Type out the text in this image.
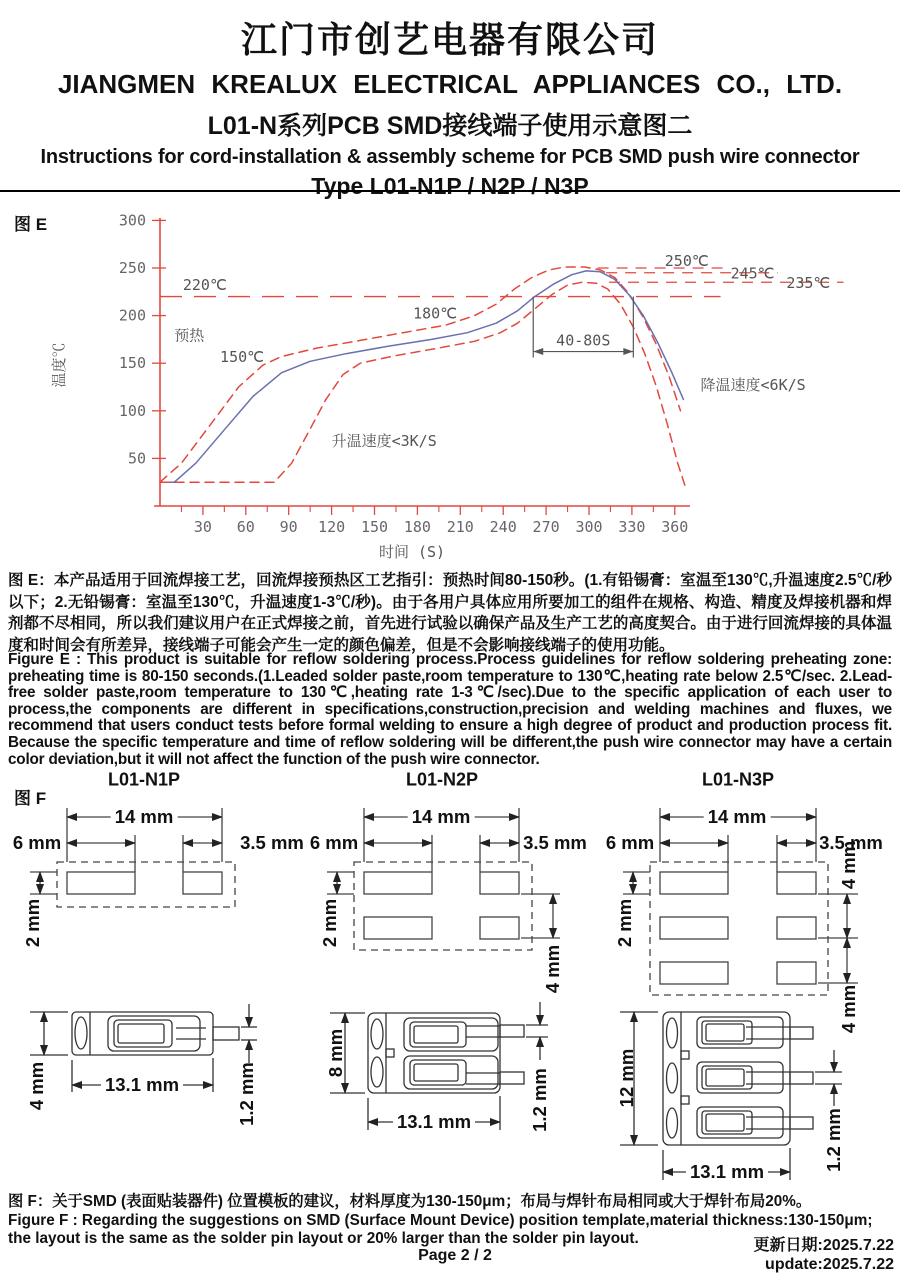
江门市创艺电器有限公司
JIANGMEN KREALUX ELECTRICAL APPLIANCES CO., LTD.
L01-N系列PCB SMD接线端子使用示意图二
Instructions for cord-installation & assembly scheme for PCB SMD push wire connector
Type L01-N1P / N2P / N3P
图 E
30 60 90 120 150 180 210 240 270 300 330 360
50
100
150
200
250
300
40-80S
220℃
预热
150℃
180℃
250℃
245℃
235℃
降温速度<6K/S
升温速度<3K/S
温度℃
时间 (S)
图 E：本产品适用于回流焊接工艺，回流焊接预热区工艺指引：预热时间80-150秒。(1.有铅锡膏：室温至130℃,升温速度2.5℃/秒以下；2.无铅锡膏：室温至130℃，升温速度1-3℃/秒)。由于各用户具体应用所要加工的组件在规格、构造、精度及焊接机器和焊剂都不尽相同，所以我们建议用户在正式焊接之前，首先进行试验以确保产品及生产工艺的高度契合。由于进行回流焊接的具体温度和时间会有所差异，接线端子可能会产生一定的颜色偏差，但是不会影响接线端子的使用功能。
Figure E : This product is suitable for reflow soldering process.Process guidelines for reflow soldering preheating zone: preheating time is 80-150 seconds.(1.Leaded solder paste,room temperature to 130℃,heating rate below 2.5℃/sec. 2.Lead-free solder paste,room temperature to 130℃,heating rate 1-3℃/sec).Due to the specific application of each user to process,the components are different in specifications,construction,precision and welding machines and fluxes, we recommend that users conduct tests before formal welding to ensure a high degree of product and production process fit. Because the specific temperature and time of reflow soldering will be different,the push wire connector may have a certain color deviation,but it will not affect the function of the push wire connector.
图 F
L01-N1P	L01-N2P	L01-N3P
14 mm
6 mm	3.5 mm
2 mm
4 mm	13.1 mm	1.2 mm
14 mm
6 mm	3.5 mm
2 mm
4 mm
8 mm
13.1 mm	1.2 mm
14 mm
6 mm	3.5 mm
2 mm
4 mm
4 mm
12 mm
13.1 mm	1.2 mm
图 F：关于SMD (表面贴装器件) 位置模板的建议，材料厚度为130-150μm；布局与焊针布局相同或大于焊针布局20%。
Figure F : Regarding the suggestions on SMD (Surface Mount Device) position template,material thickness:130-150μm; the layout is the same as the solder pin layout or 20% larger than the solder pin layout.
Page 2 / 2
更新日期:2025.7.22
update:2025.7.22
